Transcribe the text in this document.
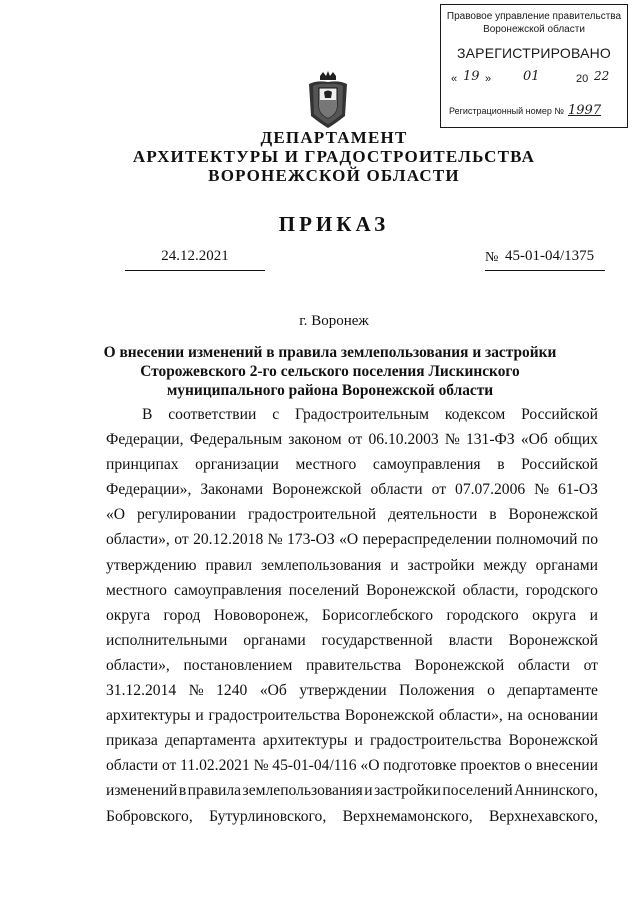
Правовое управление правительства
Воронежской области
ЗАРЕГИСТРИРОВАНО
« 19 » 01	20 22
Регистрационный номер № 1997
ДЕПАРТАМЕНТ
АРХИТЕКТУРЫ И ГРАДОСТРОИТЕЛЬСТВА
ВОРОНЕЖСКОЙ ОБЛАСТИ
ПРИКАЗ
24.12.2021	№ 45-01-04/1375
г. Воронеж
О внесении изменений в правила землепользования и застройки
Сторожевского 2-го сельского поселения Лискинского
муниципального района Воронежской области
В соответствии с Градостроительным кодексом Российской
Федерации, Федеральным законом от 06.10.2003 № 131-ФЗ «Об общих
принципах организации местного самоуправления в Российской
Федерации», Законами Воронежской области от 07.07.2006 № 61-ОЗ
«О регулировании градостроительной деятельности в Воронежской
области», от 20.12.2018 № 173-ОЗ «О перераспределении полномочий по
утверждению правил землепользования и застройки между органами
местного самоуправления поселений Воронежской области, городского
округа город Нововоронеж, Борисоглебского городского округа и
исполнительными органами государственной власти Воронежской
области», постановлением правительства Воронежской области от
31.12.2014 № 1240 «Об утверждении Положения о департаменте
архитектуры и градостроительства Воронежской области», на основании
приказа департамента архитектуры и градостроительства Воронежской
области от 11.02.2021 № 45-01-04/116 «О подготовке проектов о внесении
изменений в правила землепользования и застройки поселений Аннинского,
Бобровского, Бутурлиновского, Верхнемамонского, Верхнехавского,
